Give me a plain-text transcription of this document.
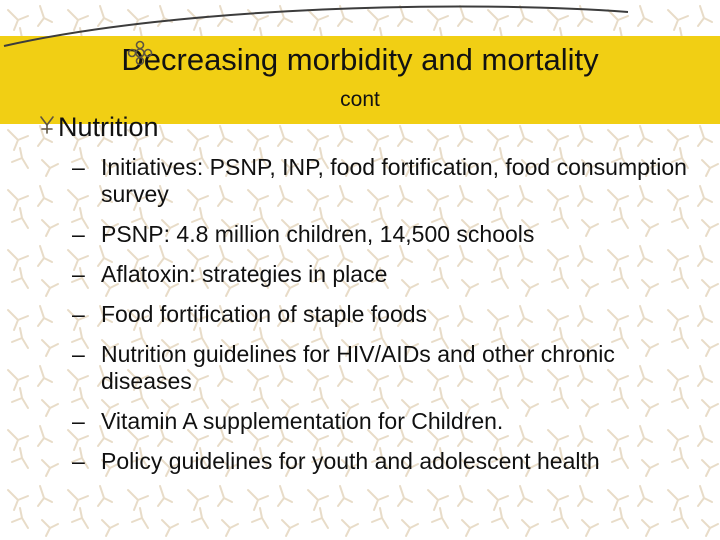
Decreasing morbidity and mortality
cont
Nutrition
– Initiatives: PSNP, INP, food fortification, food consumption survey
– PSNP: 4.8 million children, 14,500 schools
– Aflatoxin: strategies in place
– Food fortification of staple foods
– Nutrition guidelines for HIV/AIDs and other chronic diseases
– Vitamin A supplementation for Children.
– Policy guidelines for youth and adolescent health
